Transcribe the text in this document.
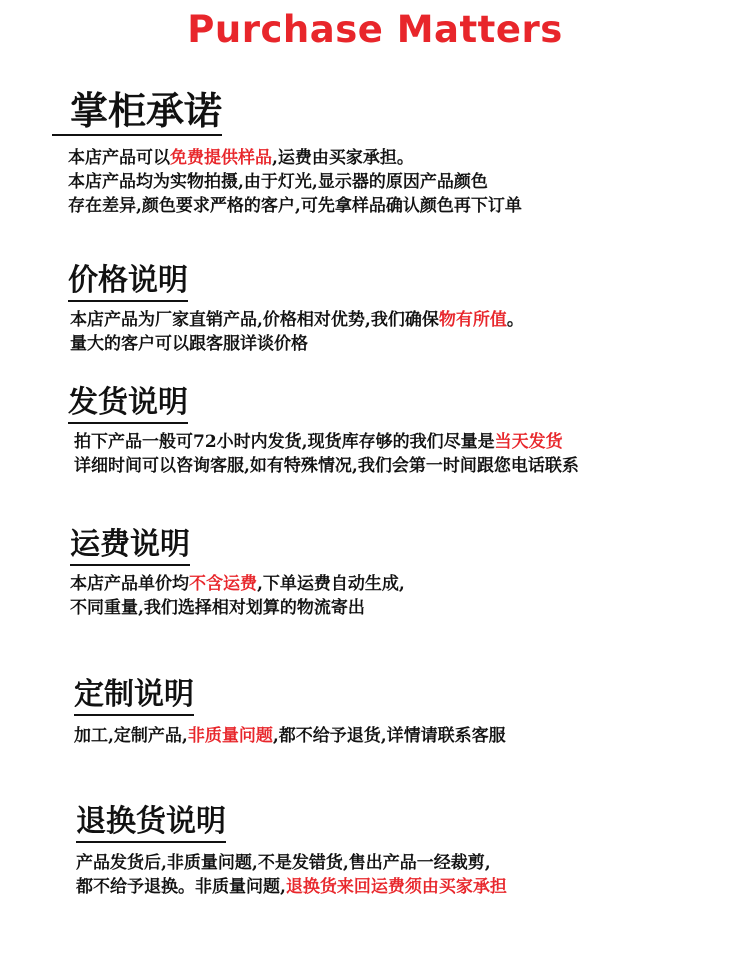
Purchase Matters
掌柜承诺
本店产品可以免费提供样品,运费由买家承担。
本店产品均为实物拍摄,由于灯光,显示器的原因产品颜色
存在差异,颜色要求严格的客户,可先拿样品确认颜色再下订单
价格说明
本店产品为厂家直销产品,价格相对优势,我们确保物有所值。
量大的客户可以跟客服详谈价格
发货说明
拍下产品一般可72小时内发货,现货库存够的我们尽量是当天发货
详细时间可以咨询客服,如有特殊情况,我们会第一时间跟您电话联系
运费说明
本店产品单价均不含运费,下单运费自动生成,
不同重量,我们选择相对划算的物流寄出
定制说明
加工,定制产品,非质量问题,都不给予退货,详情请联系客服
退换货说明
产品发货后,非质量问题,不是发错货,售出产品一经裁剪,
都不给予退换。非质量问题,退换货来回运费须由买家承担
